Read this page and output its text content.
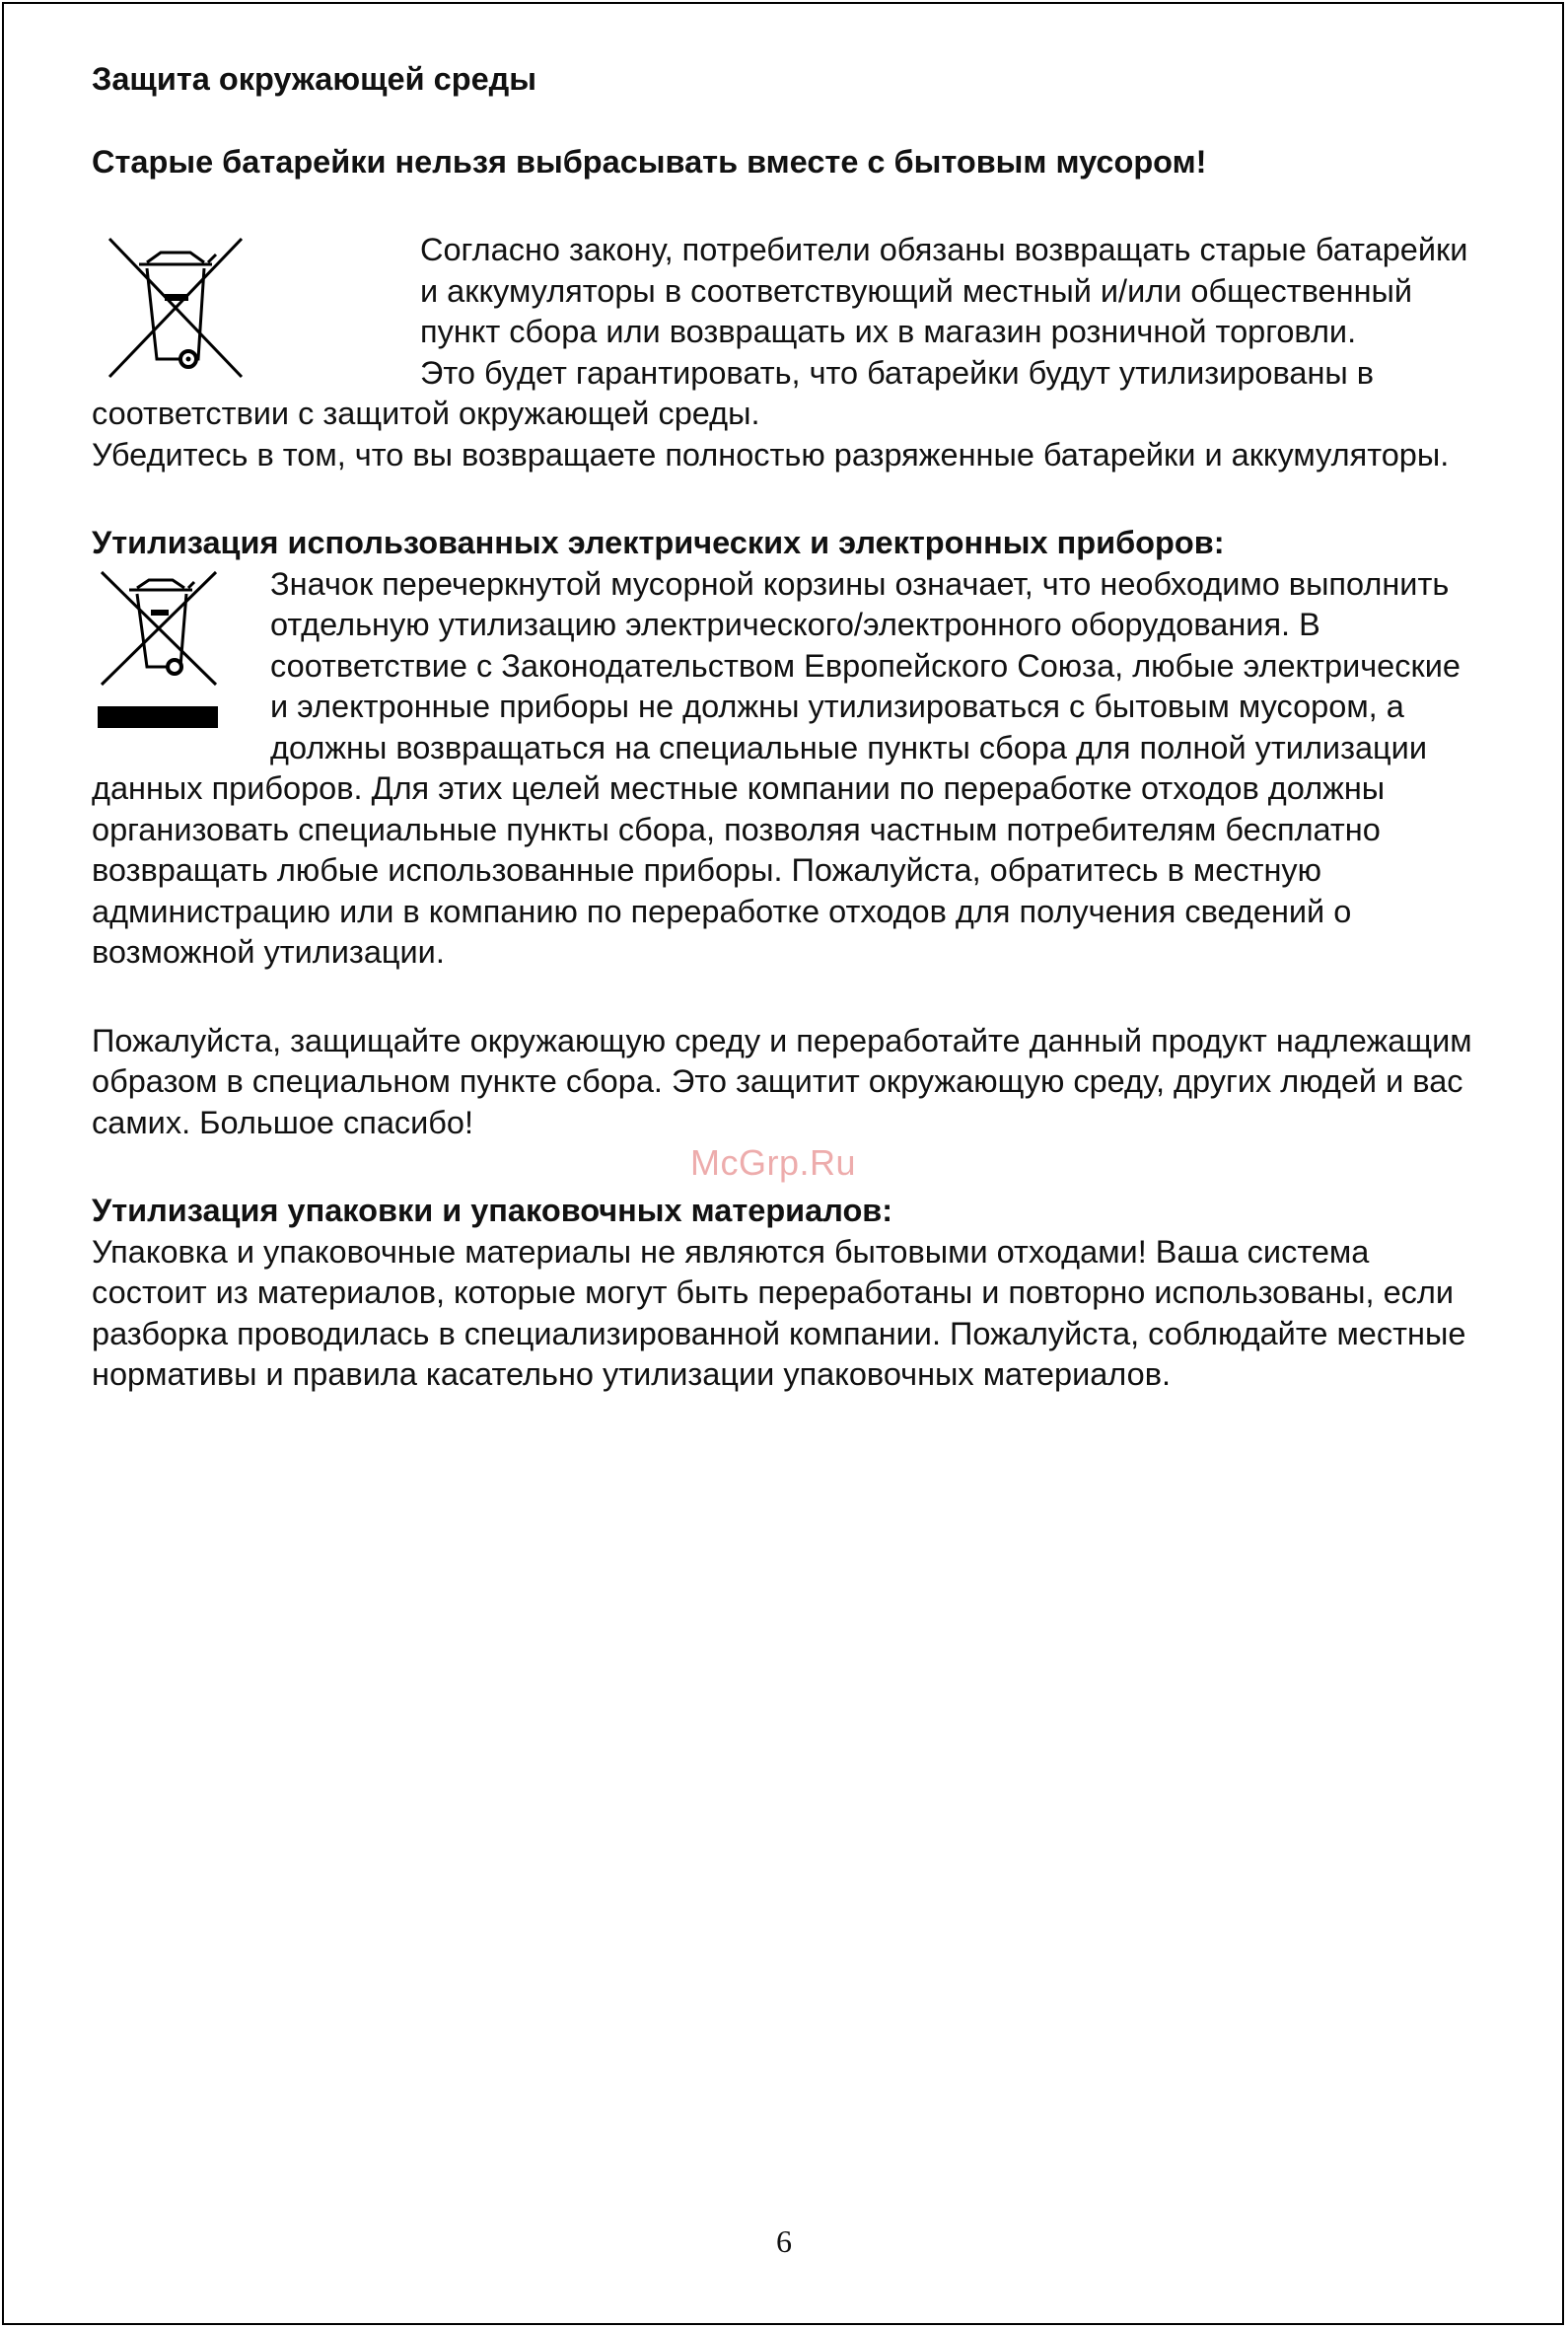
Защита окружающей среды

Старые батарейки нельзя выбрасывать вместе с бытовым мусором!

Согласно закону, потребители обязаны возвращать старые батарейки и аккумуляторы в соответствующий местный и/или общественный пункт сбора или возвращать их в магазин розничной торговли.

Это будет гарантировать, что батарейки будут утилизированы в соответствии с защитой окружающей среды.

Убедитесь в том, что вы возвращаете полностью разряженные батарейки и аккумуляторы.

Утилизация использованных электрических и электронных приборов:

Значок перечеркнутой мусорной корзины означает, что необходимо выполнить отдельную утилизацию электрического/электронного оборудования. В соответствие с Законодательством Европейского Союза, любые электрические и электронные приборы не должны утилизироваться с бытовым мусором, а должны возвращаться на специальные пункты сбора для полной утилизации данных приборов. Для этих целей местные компании по переработке отходов должны организовать специальные пункты сбора, позволяя частным потребителям бесплатно возвращать любые использованные приборы. Пожалуйста, обратитесь в местную администрацию или в компанию по переработке отходов для получения сведений о возможной утилизации.

Пожалуйста, защищайте окружающую среду и переработайте данный продукт надлежащим образом в специальном пункте сбора. Это защитит окружающую среду, других людей и вас самих. Большое спасибо!

Утилизация упаковки и упаковочных материалов:

Упаковка и упаковочные материалы не являются бытовыми отходами! Ваша система состоит из материалов, которые могут быть переработаны и повторно использованы, если разборка проводилась в специализированной компании. Пожалуйста, соблюдайте местные нормативы и правила касательно утилизации упаковочных материалов.

McGrp.Ru
6
